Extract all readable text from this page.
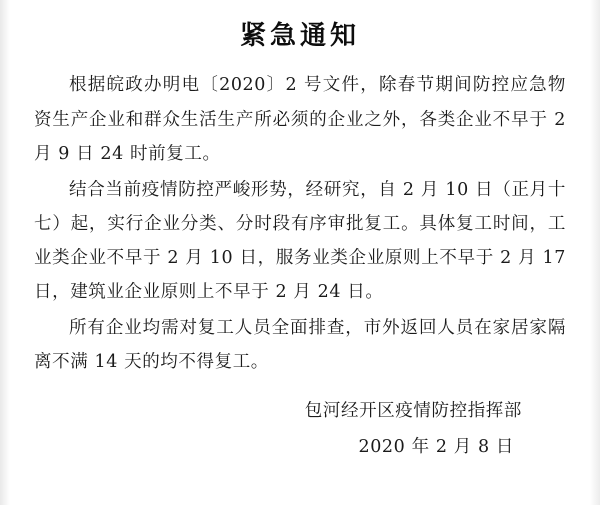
紧急通知

根据皖政办明电〔2020〕2 号文件，除春节期间防控应急物资生产企业和群众生活生产所必须的企业之外，各类企业不早于 2 月 9 日 24 时前复工。

结合当前疫情防控严峻形势，经研究，自 2 月 10 日（正月十七）起，实行企业分类、分时段有序审批复工。具体复工时间，工业类企业不早于 2 月 10 日，服务业类企业原则上不早于 2 月 17 日，建筑业企业原则上不早于 2 月 24 日。

所有企业均需对复工人员全面排查，市外返回人员在家居家隔离不满 14 天的均不得复工。

包河经开区疫情防控指挥部
2020 年 2 月 8 日
